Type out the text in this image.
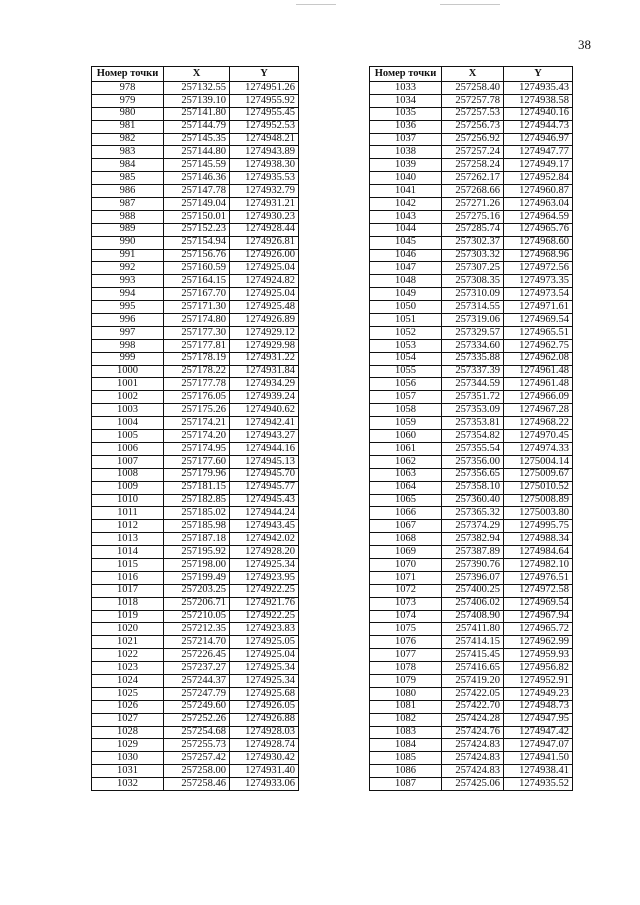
38
Номер точки	X	Y
978	257132.55	1274951.26
979	257139.10	1274955.92
980	257141.80	1274955.45
981	257144.79	1274952.53
982	257145.35	1274948.21
983	257144.80	1274943.89
984	257145.59	1274938.30
985	257146.36	1274935.53
986	257147.78	1274932.79
987	257149.04	1274931.21
988	257150.01	1274930.23
989	257152.23	1274928.44
990	257154.94	1274926.81
991	257156.76	1274926.00
992	257160.59	1274925.04
993	257164.15	1274924.82
994	257167.70	1274925.04
995	257171.30	1274925.48
996	257174.80	1274926.89
997	257177.30	1274929.12
998	257177.81	1274929.98
999	257178.19	1274931.22
1000	257178.22	1274931.84
1001	257177.78	1274934.29
1002	257176.05	1274939.24
1003	257175.26	1274940.62
1004	257174.21	1274942.41
1005	257174.20	1274943.27
1006	257174.95	1274944.16
1007	257177.60	1274945.13
1008	257179.96	1274945.70
1009	257181.15	1274945.77
1010	257182.85	1274945.43
1011	257185.02	1274944.24
1012	257185.98	1274943.45
1013	257187.18	1274942.02
1014	257195.92	1274928.20
1015	257198.00	1274925.34
1016	257199.49	1274923.95
1017	257203.25	1274922.25
1018	257206.71	1274921.76
1019	257210.05	1274922.25
1020	257212.35	1274923.83
1021	257214.70	1274925.05
1022	257226.45	1274925.04
1023	257237.27	1274925.34
1024	257244.37	1274925.34
1025	257247.79	1274925.68
1026	257249.60	1274926.05
1027	257252.26	1274926.88
1028	257254.68	1274928.03
1029	257255.73	1274928.74
1030	257257.42	1274930.42
1031	257258.00	1274931.40
1032	257258.46	1274933.06
Номер точки	X	Y
1033	257258.40	1274935.43
1034	257257.78	1274938.58
1035	257257.53	1274940.16
1036	257256.73	1274944.73
1037	257256.92	1274946.97
1038	257257.24	1274947.77
1039	257258.24	1274949.17
1040	257262.17	1274952.84
1041	257268.66	1274960.87
1042	257271.26	1274963.04
1043	257275.16	1274964.59
1044	257285.74	1274965.76
1045	257302.37	1274968.60
1046	257303.32	1274968.96
1047	257307.25	1274972.56
1048	257308.35	1274973.35
1049	257310.09	1274973.54
1050	257314.55	1274971.61
1051	257319.06	1274969.54
1052	257329.57	1274965.51
1053	257334.60	1274962.75
1054	257335.88	1274962.08
1055	257337.39	1274961.48
1056	257344.59	1274961.48
1057	257351.72	1274966.09
1058	257353.09	1274967.28
1059	257353.81	1274968.22
1060	257354.82	1274970.45
1061	257355.54	1274974.33
1062	257356.00	1275004.14
1063	257356.65	1275009.67
1064	257358.10	1275010.52
1065	257360.40	1275008.89
1066	257365.32	1275003.80
1067	257374.29	1274995.75
1068	257382.94	1274988.34
1069	257387.89	1274984.64
1070	257390.76	1274982.10
1071	257396.07	1274976.51
1072	257400.25	1274972.58
1073	257406.02	1274969.54
1074	257408.90	1274967.94
1075	257411.80	1274965.72
1076	257414.15	1274962.99
1077	257415.45	1274959.93
1078	257416.65	1274956.82
1079	257419.20	1274952.91
1080	257422.05	1274949.23
1081	257422.70	1274948.73
1082	257424.28	1274947.95
1083	257424.76	1274947.42
1084	257424.83	1274947.07
1085	257424.83	1274941.50
1086	257424.83	1274938.41
1087	257425.06	1274935.52
